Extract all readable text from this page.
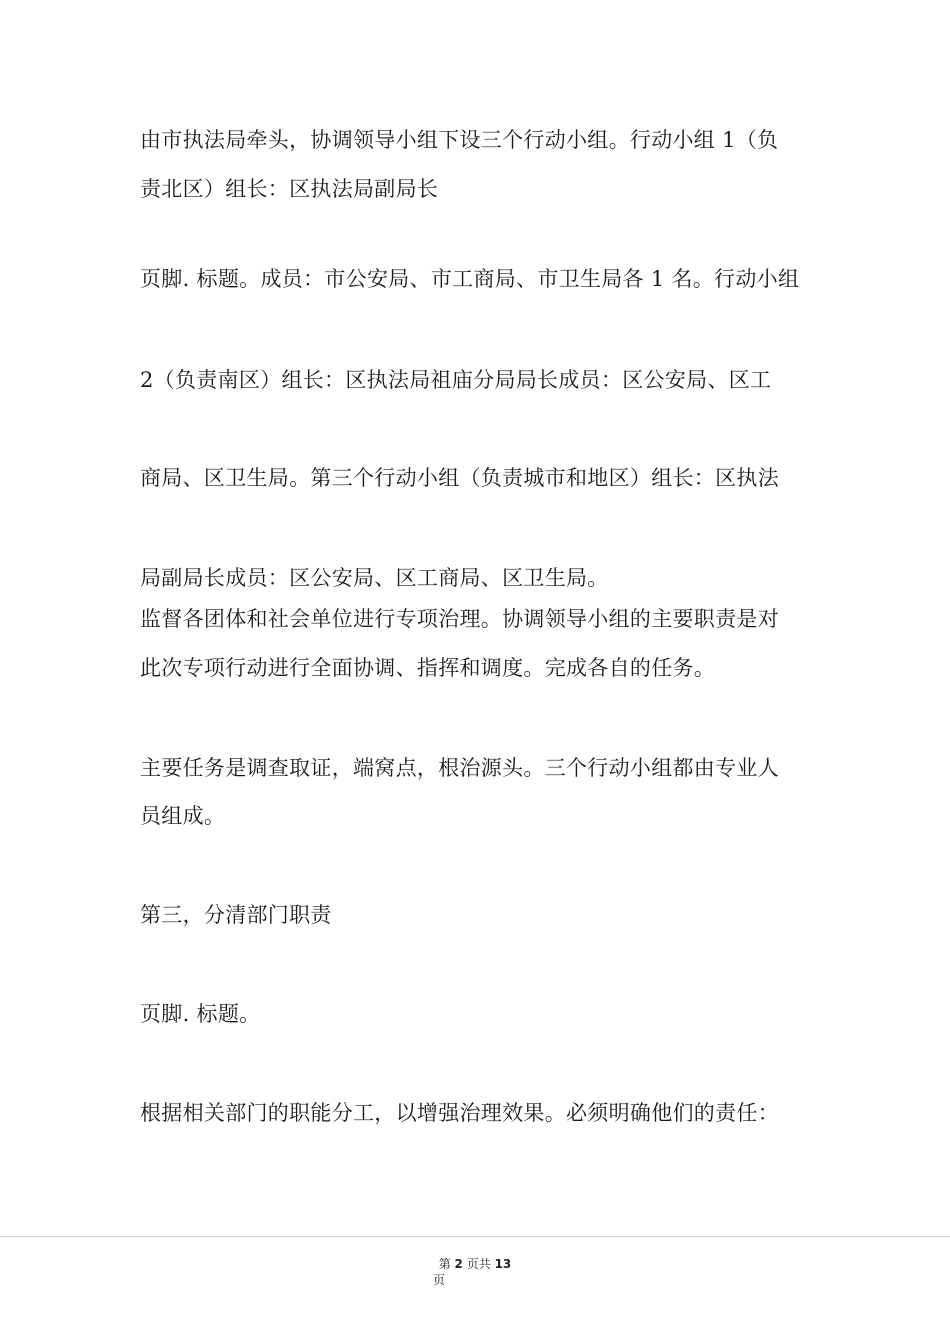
由市执法局牵头，协调领导小组下设三个行动小组。行动小组 1（负
责北区）组长：区执法局副局长
页脚. 标题。成员：市公安局、市工商局、市卫生局各 1 名。行动小组
2（负责南区）组长：区执法局祖庙分局局长成员：区公安局、区工
商局、区卫生局。第三个行动小组（负责城市和地区）组长：区执法
局副局长成员：区公安局、区工商局、区卫生局。
监督各团体和社会单位进行专项治理。协调领导小组的主要职责是对
此次专项行动进行全面协调、指挥和调度。完成各自的任务。
主要任务是调查取证，端窝点，根治源头。三个行动小组都由专业人
员组成。
第三，分清部门职责
页脚. 标题。
根据相关部门的职能分工，以增强治理效果。必须明确他们的责任：
第 2 页共 13
页
